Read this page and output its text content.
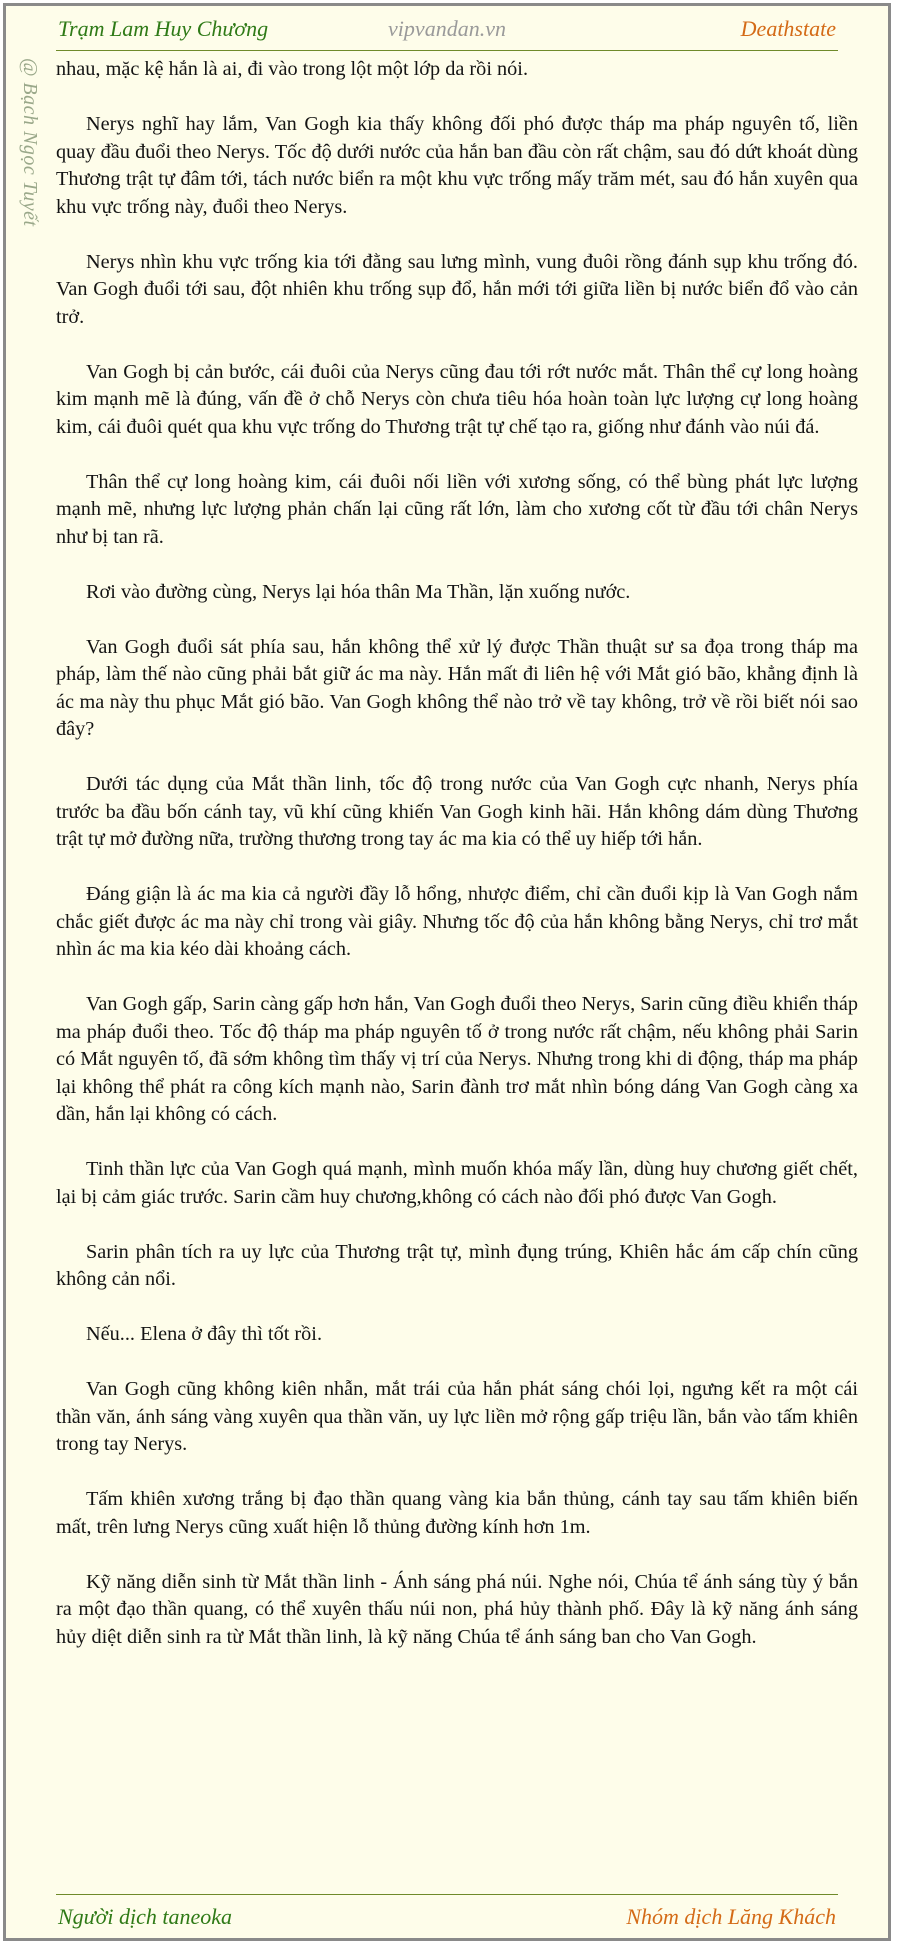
Trạm Lam Huy Chương	vipvandan.vn	Deathstate
@ Bạch Ngọc Tuyết nhau, mặc kệ hắn là ai, đi vào trong lột một lớp da rồi nói.

Nerys nghĩ hay lắm, Van Gogh kia thấy không đối phó được tháp ma pháp nguyên tố, liền quay đầu đuổi theo Nerys. Tốc độ dưới nước của hắn ban đầu còn rất chậm, sau đó dứt khoát dùng Thương trật tự đâm tới, tách nước biển ra một khu vực trống mấy trăm mét, sau đó hắn xuyên qua khu vực trống này, đuổi theo Nerys.

Nerys nhìn khu vực trống kia tới đằng sau lưng mình, vung đuôi rồng đánh sụp khu trống đó. Van Gogh đuổi tới sau, đột nhiên khu trống sụp đổ, hắn mới tới giữa liền bị nước biển đổ vào cản trở.

Van Gogh bị cản bước, cái đuôi của Nerys cũng đau tới rớt nước mắt. Thân thể cự long hoàng kim mạnh mẽ là đúng, vấn đề ở chỗ Nerys còn chưa tiêu hóa hoàn toàn lực lượng cự long hoàng kim, cái đuôi quét qua khu vực trống do Thương trật tự chế tạo ra, giống như đánh vào núi đá.

Thân thể cự long hoàng kim, cái đuôi nối liền với xương sống, có thể bùng phát lực lượng mạnh mẽ, nhưng lực lượng phản chấn lại cũng rất lớn, làm cho xương cốt từ đầu tới chân Nerys như bị tan rã.

Rơi vào đường cùng, Nerys lại hóa thân Ma Thần, lặn xuống nước.

Van Gogh đuổi sát phía sau, hắn không thể xử lý được Thần thuật sư sa đọa trong tháp ma pháp, làm thế nào cũng phải bắt giữ ác ma này. Hắn mất đi liên hệ với Mắt gió bão, khẳng định là ác ma này thu phục Mắt gió bão. Van Gogh không thể nào trở về tay không, trở về rồi biết nói sao đây?

Dưới tác dụng của Mắt thần linh, tốc độ trong nước của Van Gogh cực nhanh, Nerys phía trước ba đầu bốn cánh tay, vũ khí cũng khiến Van Gogh kinh hãi. Hắn không dám dùng Thương trật tự mở đường nữa, trường thương trong tay ác ma kia có thể uy hiếp tới hắn.

Đáng giận là ác ma kia cả người đầy lỗ hổng, nhược điểm, chỉ cần đuổi kịp là Van Gogh nắm chắc giết được ác ma này chỉ trong vài giây. Nhưng tốc độ của hắn không bằng Nerys, chỉ trơ mắt nhìn ác ma kia kéo dài khoảng cách.

Van Gogh gấp, Sarin càng gấp hơn hắn, Van Gogh đuổi theo Nerys, Sarin cũng điều khiển tháp ma pháp đuổi theo. Tốc độ tháp ma pháp nguyên tố ở trong nước rất chậm, nếu không phải Sarin có Mắt nguyên tố, đã sớm không tìm thấy vị trí của Nerys. Nhưng trong khi di động, tháp ma pháp lại không thể phát ra công kích mạnh nào, Sarin đành trơ mắt nhìn bóng dáng Van Gogh càng xa dần, hắn lại không có cách.

Tinh thần lực của Van Gogh quá mạnh, mình muốn khóa mấy lần, dùng huy chương giết chết, lại bị cảm giác trước. Sarin cầm huy chương,không có cách nào đối phó được Van Gogh.

Sarin phân tích ra uy lực của Thương trật tự, mình đụng trúng, Khiên hắc ám cấp chín cũng không cản nổi.

Nếu... Elena ở đây thì tốt rồi.

Van Gogh cũng không kiên nhẫn, mắt trái của hắn phát sáng chói lọi, ngưng kết ra một cái thần văn, ánh sáng vàng xuyên qua thần văn, uy lực liền mở rộng gấp triệu lần, bắn vào tấm khiên trong tay Nerys.

Tấm khiên xương trắng bị đạo thần quang vàng kia bắn thủng, cánh tay sau tấm khiên biến mất, trên lưng Nerys cũng xuất hiện lỗ thủng đường kính hơn 1m.

Kỹ năng diễn sinh từ Mắt thần linh - Ánh sáng phá núi. Nghe nói, Chúa tể ánh sáng tùy ý bắn ra một đạo thần quang, có thể xuyên thấu núi non, phá hủy thành phố. Đây là kỹ năng ánh sáng hủy diệt diễn sinh ra từ Mắt thần linh, là kỹ năng Chúa tể ánh sáng ban cho Van Gogh.

Người dịch taneoka	Nhóm dịch Lăng Khách
